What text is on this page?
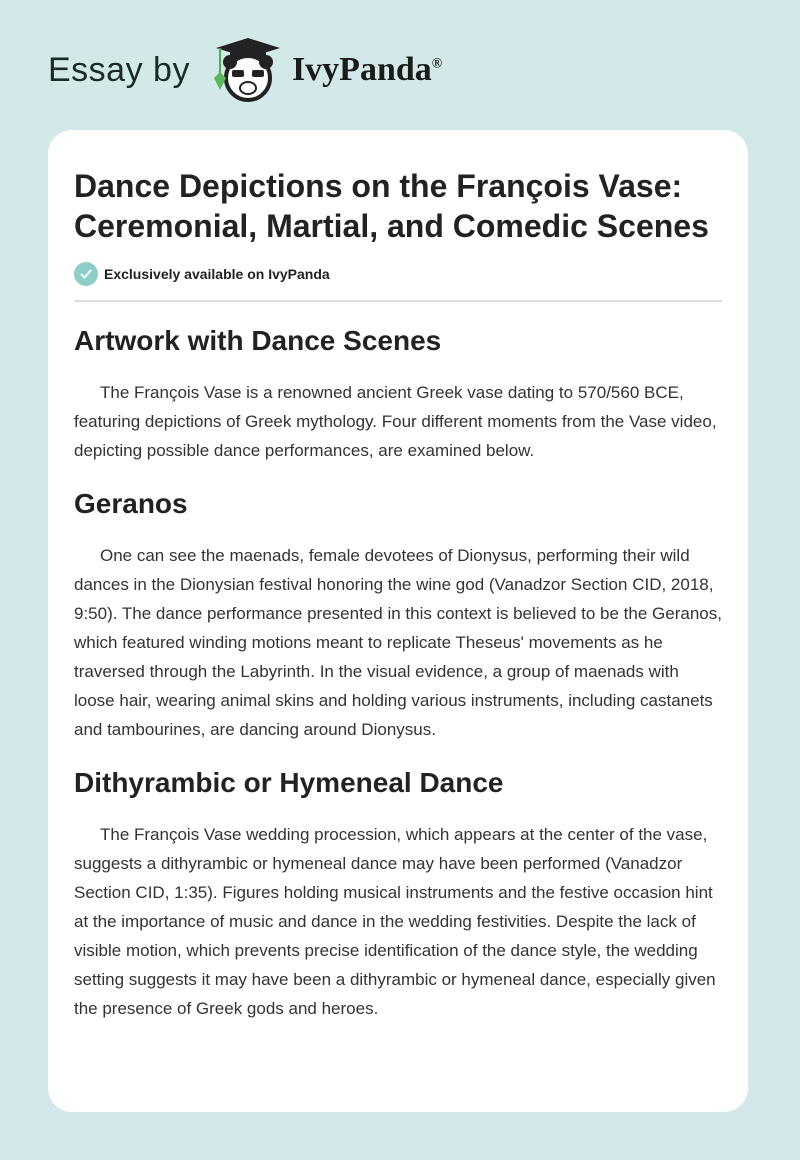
Essay by	IvyPanda®
Dance Depictions on the François Vase: Ceremonial, Martial, and Comedic Scenes
Exclusively available on IvyPanda
Artwork with Dance Scenes

The François Vase is a renowned ancient Greek vase dating to 570/560 BCE, featuring depictions of Greek mythology. Four different moments from the Vase video, depicting possible dance performances, are examined below.

Geranos

One can see the maenads, female devotees of Dionysus, performing their wild dances in the Dionysian festival honoring the wine god (Vanadzor Section CID, 2018, 9:50). The dance performance presented in this context is believed to be the Geranos, which featured winding motions meant to replicate Theseus' movements as he traversed through the Labyrinth. In the visual evidence, a group of maenads with loose hair, wearing animal skins and holding various instruments, including castanets and tambourines, are dancing around Dionysus.

Dithyrambic or Hymeneal Dance

The François Vase wedding procession, which appears at the center of the vase, suggests a dithyrambic or hymeneal dance may have been performed (Vanadzor Section CID, 1:35). Figures holding musical instruments and the festive occasion hint at the importance of music and dance in the wedding festivities. Despite the lack of visible motion, which prevents precise identification of the dance style, the wedding setting suggests it may have been a dithyrambic or hymeneal dance, especially given the presence of Greek gods and heroes.
